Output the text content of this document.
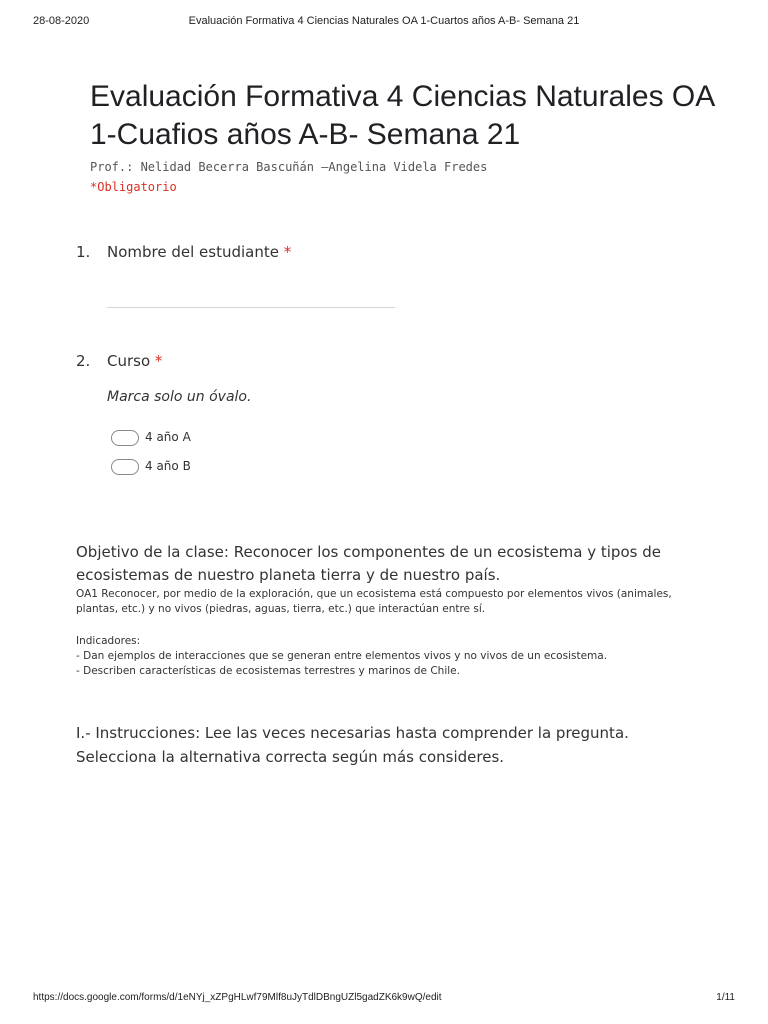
28-08-2020	Evaluación Formativa 4 Ciencias Naturales OA 1-Cuartos años A-B- Semana 21
Evaluación Formativa 4 Ciencias Naturales OA 1-Cuafios años A-B- Semana 21
Prof.: Nelidad Becerra Bascuñán –Angelina Videla Fredes
*Obligatorio
1. Nombre del estudiante *
2. Curso *
Marca solo un óvalo.
4 año A
4 año B
Objetivo de la clase: Reconocer los componentes de un ecosistema y tipos de ecosistemas de nuestro planeta tierra y de nuestro país.
OA1 Reconocer, por medio de la exploración, que un ecosistema está compuesto por elementos vivos (animales, plantas, etc.) y no vivos (piedras, aguas, tierra, etc.) que interactúan entre sí.
Indicadores:
- Dan ejemplos de interacciones que se generan entre elementos vivos y no vivos de un ecosistema.
- Describen características de ecosistemas terrestres y marinos de Chile.
I.- Instrucciones: Lee las veces necesarias hasta comprender la pregunta. Selecciona la alternativa correcta según más consideres.
https://docs.google.com/forms/d/1eNYj_xZPgHLwf79Mlf8uJyTdlDBngUZl5gadZK6k9wQ/edit	1/11
